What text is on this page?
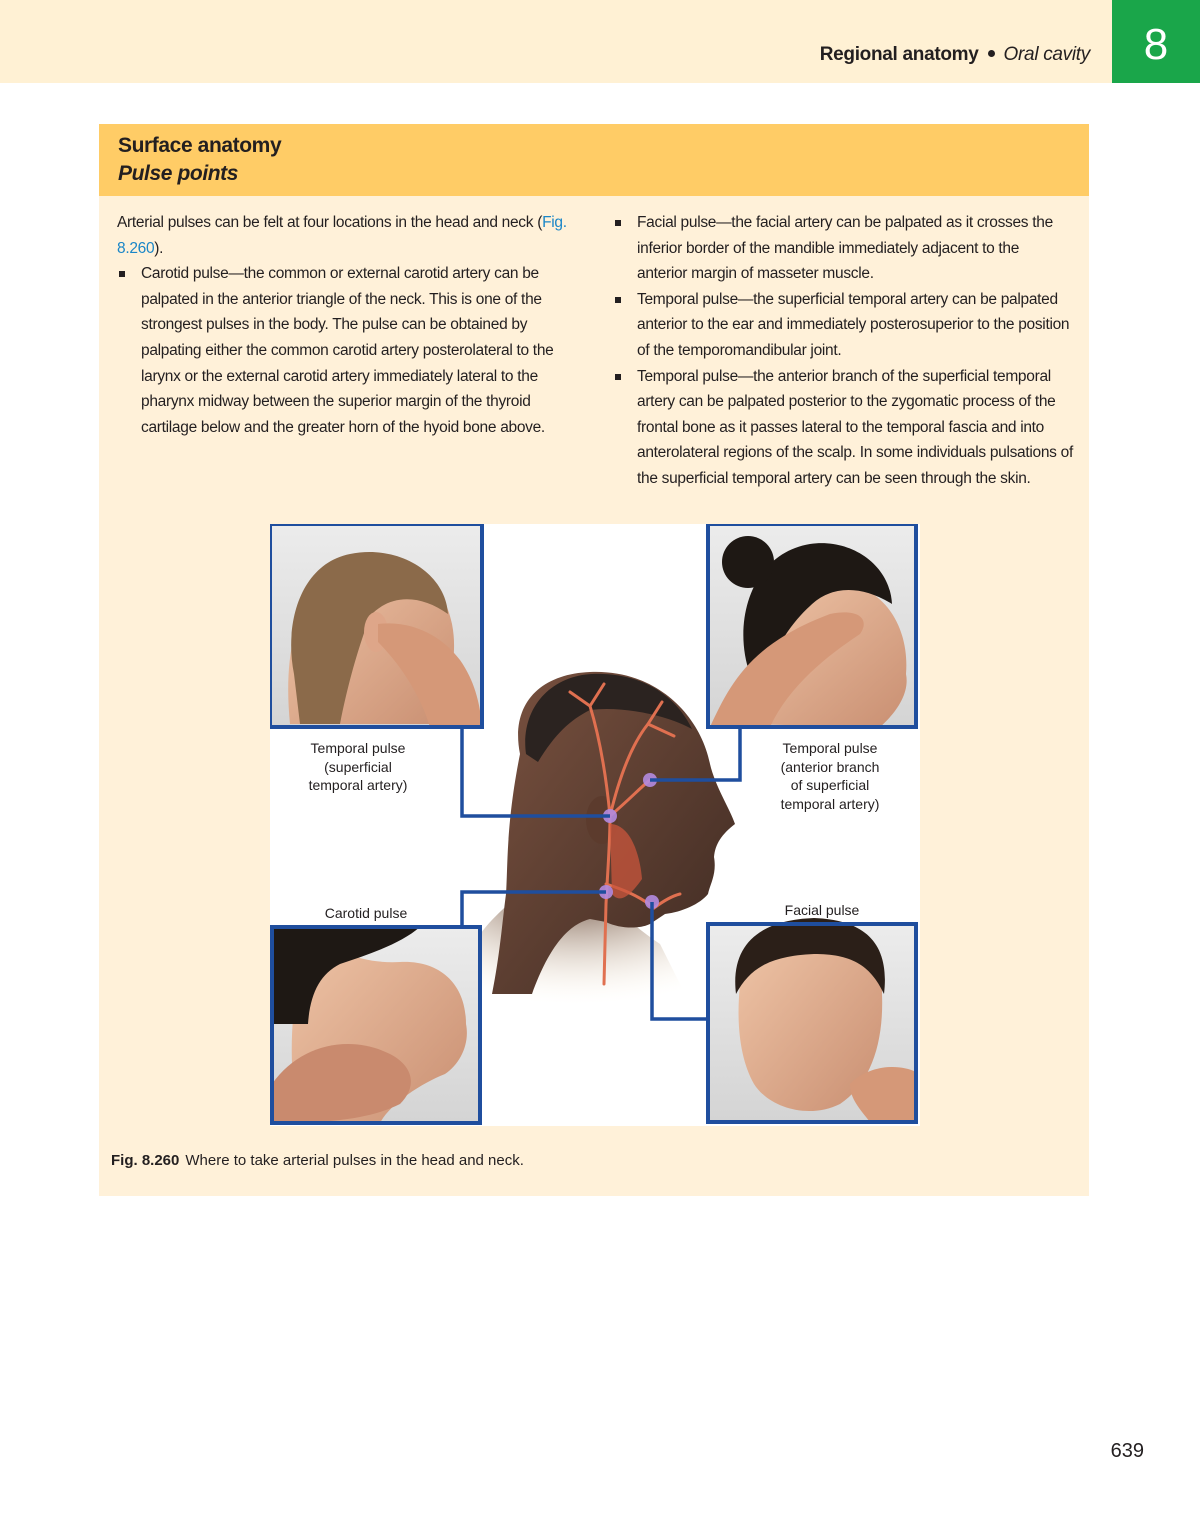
Regional anatomy Oral cavity	8
Surface anatomy
Pulse points

Arterial pulses can be felt at four locations in the head and neck (Fig. 8.260).

Carotid pulse—the common or external carotid artery can be palpated in the anterior triangle of the neck. This is one of the strongest pulses in the body. The pulse can be obtained by palpating either the common carotid artery posterolateral to the larynx or the external carotid artery immediately lateral to the pharynx midway between the superior margin of the thyroid cartilage below and the greater horn of the hyoid bone above.
Facial pulse—the facial artery can be palpated as it crosses the inferior border of the mandible immediately adjacent to the anterior margin of masseter muscle.
Temporal pulse—the superficial temporal artery can be palpated anterior to the ear and immediately posterosuperior to the position of the temporomandibular joint.
Temporal pulse—the anterior branch of the superficial temporal artery can be palpated posterior to the zygomatic process of the frontal bone as it passes lateral to the temporal fascia and into anterolateral regions of the scalp. In some individuals pulsations of the superficial temporal artery can be seen through the skin.
Temporal pulse
(superficial
temporal artery)
Temporal pulse
(anterior branch
of superficial
temporal artery)
Carotid pulse	Facial pulse
Fig. 8.260 Where to take arterial pulses in the head and neck.
639
